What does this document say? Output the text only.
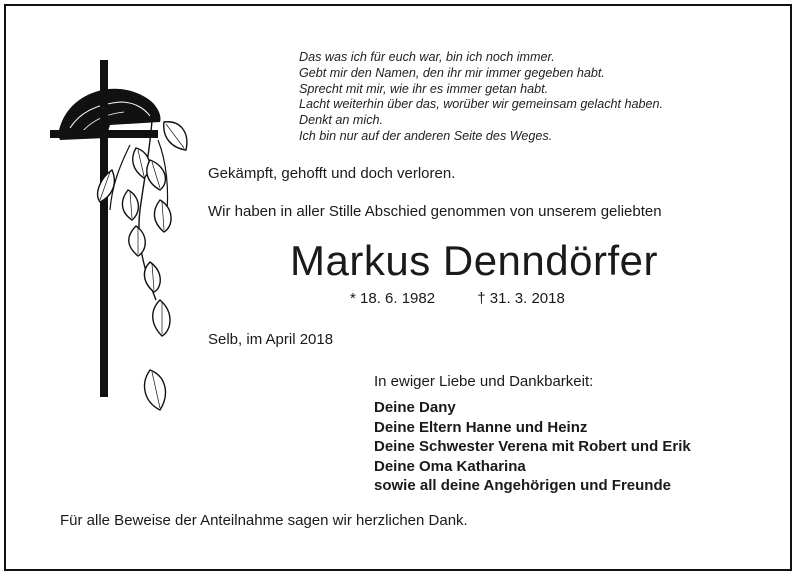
Das was ich für euch war, bin ich noch immer.
Gebt mir den Namen, den ihr mir immer gegeben habt.
Sprecht mit mir, wie ihr es immer getan habt.
Lacht weiterhin über das, worüber wir gemeinsam gelacht haben.
Denkt an mich.
Ich bin nur auf der anderen Seite des Weges.
Gekämpft, gehofft und doch verloren.
Wir haben in aller Stille Abschied genommen von unserem geliebten
Markus Denndörfer
* 18. 6. 1982	† 31. 3. 2018
Selb, im April 2018
In ewiger Liebe und Dankbarkeit:
Deine Dany
Deine Eltern Hanne und Heinz
Deine Schwester Verena mit Robert und Erik
Deine Oma Katharina
sowie all deine Angehörigen und Freunde
Für alle Beweise der Anteilnahme sagen wir herzlichen Dank.
